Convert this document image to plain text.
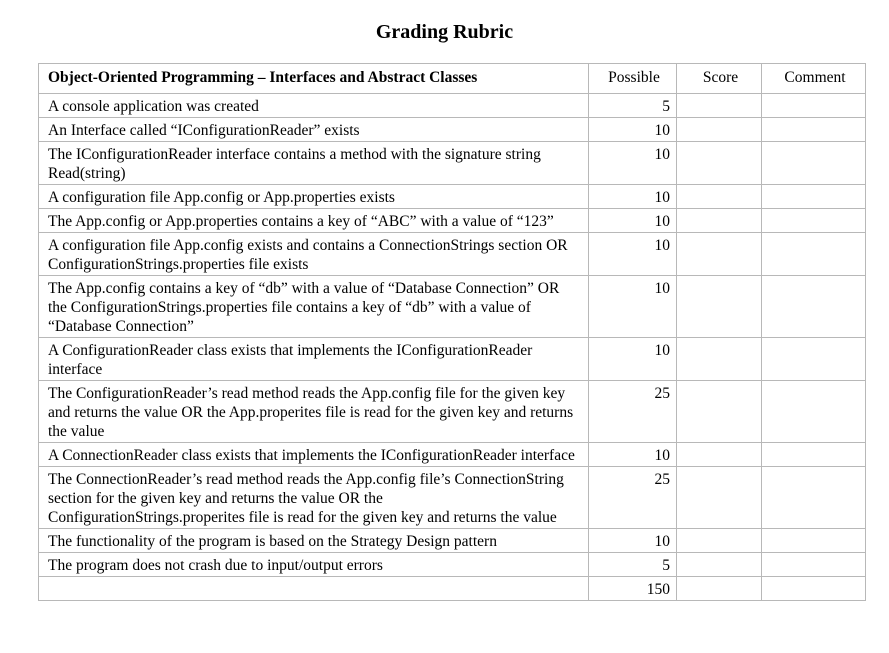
Grading Rubric
Object-Oriented Programming – Interfaces and Abstract Classes	Possible	Score	Comment
A console application was created	5		
An Interface called “IConfigurationReader” exists	10		
The IConfigurationReader interface contains a method with the signature string Read(string)	10		
A configuration file App.config or App.properties exists	10		
The App.config or App.properties contains a key of “ABC” with a value of “123”	10		
A configuration file App.config exists and contains a ConnectionStrings section OR ConfigurationStrings.properties file exists	10		
The App.config contains a key of “db” with a value of “Database Connection” OR the ConfigurationStrings.properties file contains a key of “db” with a value of “Database Connection”	10		
A ConfigurationReader class exists that implements the IConfigurationReader interface	10		
The ConfigurationReader’s read method reads the App.config file for the given key and returns the value OR the App.properites file is read for the given key and returns the value	25		
A ConnectionReader class exists that implements the IConfigurationReader interface	10		
The ConnectionReader’s read method reads the App.config file’s ConnectionString section for the given key and returns the value OR the ConfigurationStrings.properites file is read for the given key and returns the value	25		
The functionality of the program is based on the Strategy Design pattern	10		
The program does not crash due to input/output errors	5		
	150		
